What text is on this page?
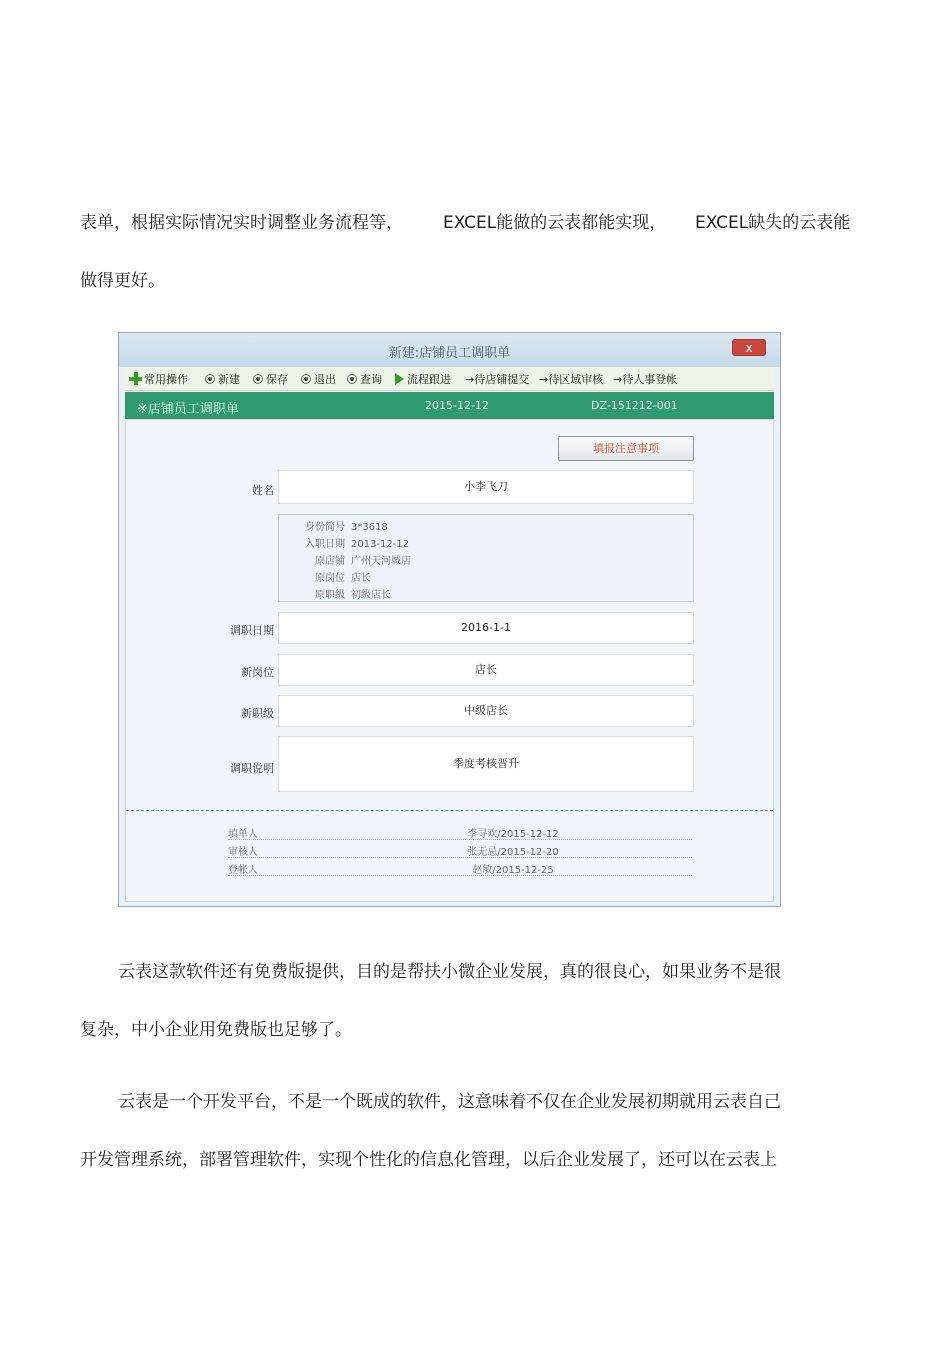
表单，根据实际情况实时调整业务流程等， EXCEL能做的云表都能实现， EXCEL缺失的云表能
做得更好。
新建:店铺员工调职单	x
常用操作	新建	保存	退出	查询	流程跟进 →待店铺提交 →待区域审核 →待人事登帐
※店铺员工调职单	2015-12-12	DZ-151212-001
填报注意事项
姓名	小李飞刀
身份简号 3*3618
入职日期 2013-12-12
原店铺 广州天河城店
原岗位 店长
原职级 初级店长
调职日期	2016-1-1
新岗位	店长
新职级	中级店长
调职说明	季度考核晋升
填单人	李寻欢/2015-12-12
审核人	张无忌/2015-12-20
登帐人	赵敏/2015-12-25
云表这款软件还有免费版提供，目的是帮扶小微企业发展，真的很良心，如果业务不是很
复杂，中小企业用免费版也足够了。
云表是一个开发平台，不是一个既成的软件，这意味着不仅在企业发展初期就用云表自己
开发管理系统，部署管理软件，实现个性化的信息化管理，以后企业发展了，还可以在云表上
